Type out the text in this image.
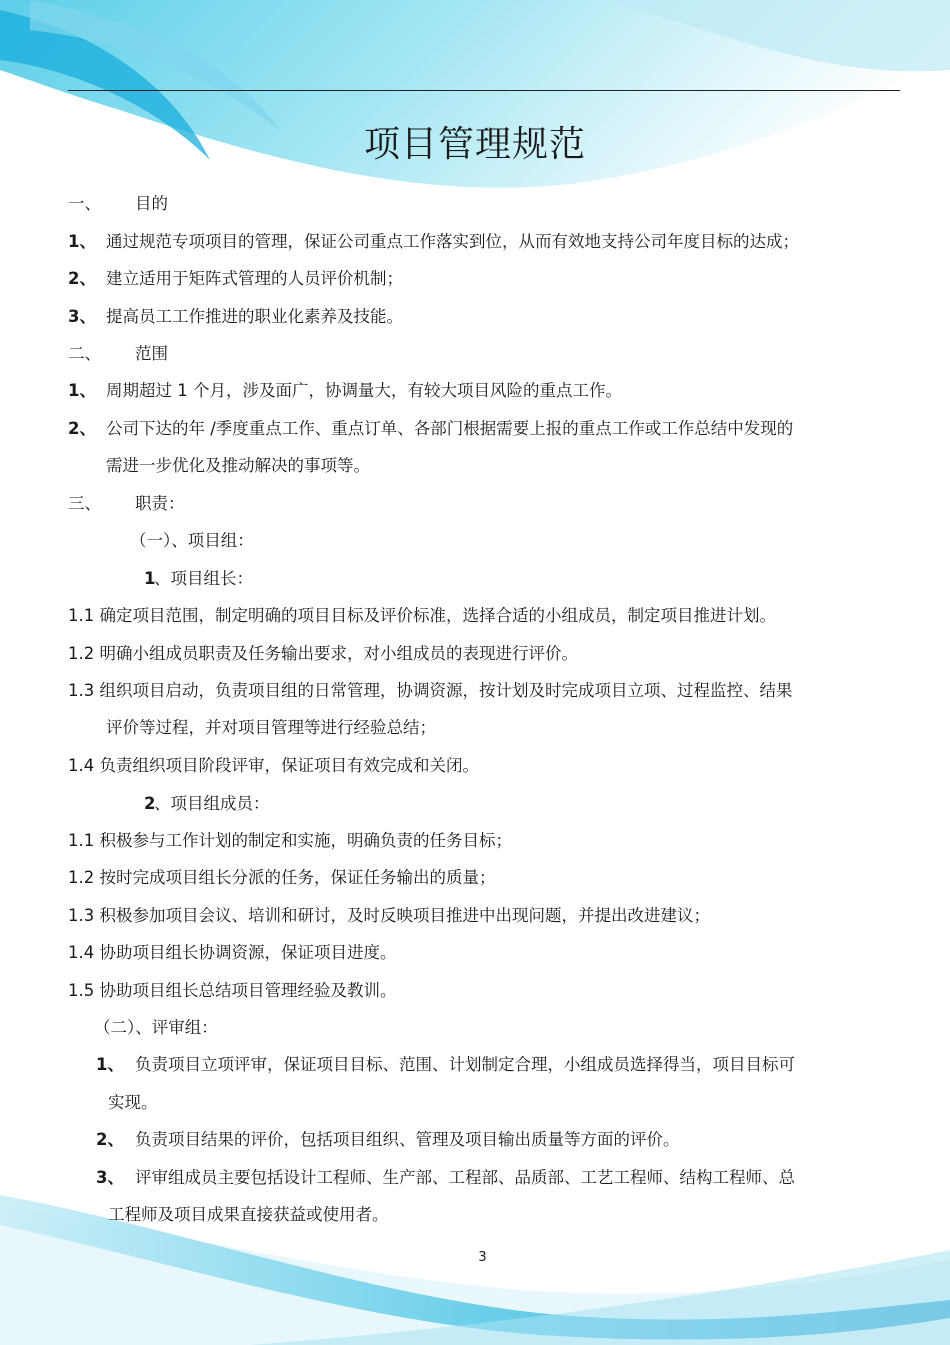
项目管理规范
一、 目的
1、 通过规范专项项目的管理，保证公司重点工作落实到位，从而有效地支持公司年度目标的达成；
2、 建立适用于矩阵式管理的人员评价机制；
3、 提高员工工作推进的职业化素养及技能。
二、 范围
1、 周期超过 1 个月，涉及面广，协调量大，有较大项目风险的重点工作。
2、 公司下达的年 /季度重点工作、重点订单、各部门根据需要上报的重点工作或工作总结中发现的
需进一步优化及推动解决的事项等。
三、 职责：
（一）、项目组：
1
、项目组长：
1.1 确定项目范围，制定明确的项目目标及评价标准，选择合适的小组成员，制定项目推进计划。
1.2 明确小组成员职责及任务输出要求，对小组成员的表现进行评价。
1.3 组织项目启动，负责项目组的日常管理，协调资源，按计划及时完成项目立项、过程监控、结果
评价等过程，并对项目管理等进行经验总结；
1.4 负责组织项目阶段评审，保证项目有效完成和关闭。
2
、项目组成员：
1.1 积极参与工作计划的制定和实施，明确负责的任务目标；
1.2 按时完成项目组长分派的任务，保证任务输出的质量；
1.3 积极参加项目会议、培训和研讨，及时反映项目推进中出现问题，并提出改进建议；
1.4 协助项目组长协调资源，保证项目进度。
1.5 协助项目组长总结项目管理经验及教训。
（二）、评审组：
1、 负责项目立项评审，保证项目目标、范围、计划制定合理，小组成员选择得当，项目目标可
实现。
2、 负责项目结果的评价，包括项目组织、管理及项目输出质量等方面的评价。
3、 评审组成员主要包括设计工程师、生产部、工程部、品质部、工艺工程师、结构工程师、总
工程师及项目成果直接获益或使用者。
3
